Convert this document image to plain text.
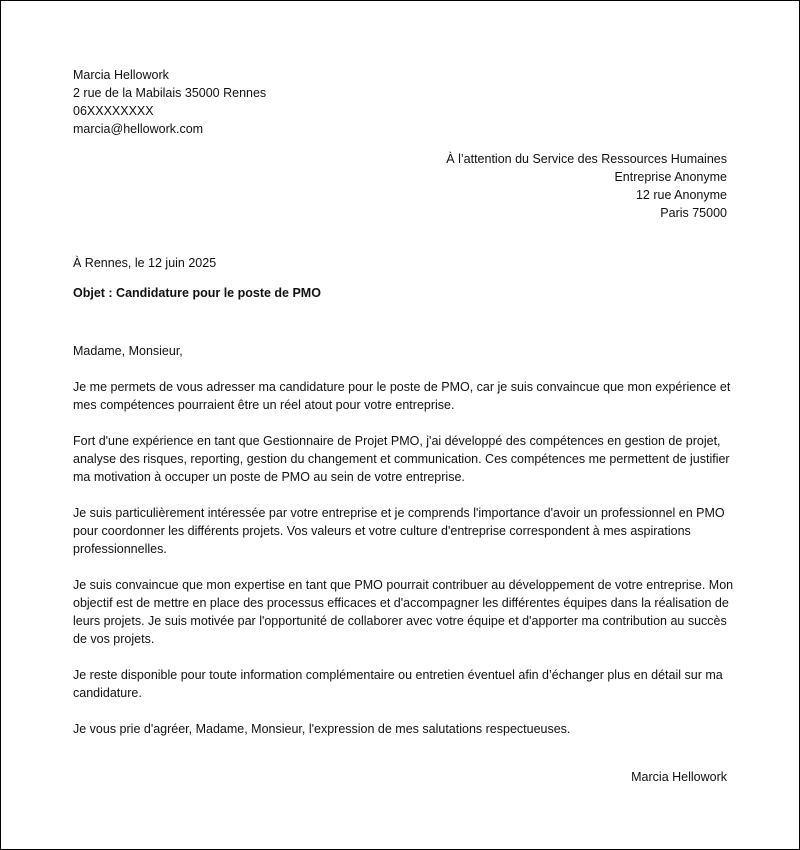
Marcia Hellowork
2 rue de la Mabilais 35000 Rennes
06XXXXXXXX
marcia@hellowork.com
À l’attention du Service des Ressources Humaines
Entreprise Anonyme
12 rue Anonyme
Paris 75000
À Rennes, le 12 juin 2025
Objet : Candidature pour le poste de PMO

Madame, Monsieur,

Je me permets de vous adresser ma candidature pour le poste de PMO, car je suis convaincue que mon expérience et mes compétences pourraient être un réel atout pour votre entreprise.

Fort d'une expérience en tant que Gestionnaire de Projet PMO, j'ai développé des compétences en gestion de projet, analyse des risques, reporting, gestion du changement et communication. Ces compétences me permettent de justifier ma motivation à occuper un poste de PMO au sein de votre entreprise.

Je suis particulièrement intéressée par votre entreprise et je comprends l'importance d'avoir un professionnel en PMO pour coordonner les différents projets. Vos valeurs et votre culture d'entreprise correspondent à mes aspirations professionnelles.

Je suis convaincue que mon expertise en tant que PMO pourrait contribuer au développement de votre entreprise. Mon objectif est de mettre en place des processus efficaces et d'accompagner les différentes équipes dans la réalisation de leurs projets. Je suis motivée par l'opportunité de collaborer avec votre équipe et d'apporter ma contribution au succès de vos projets.

Je reste disponible pour toute information complémentaire ou entretien éventuel afin d’échanger plus en détail sur ma candidature.

Je vous prie d'agréer, Madame, Monsieur, l'expression de mes salutations respectueuses.

Marcia Hellowork
